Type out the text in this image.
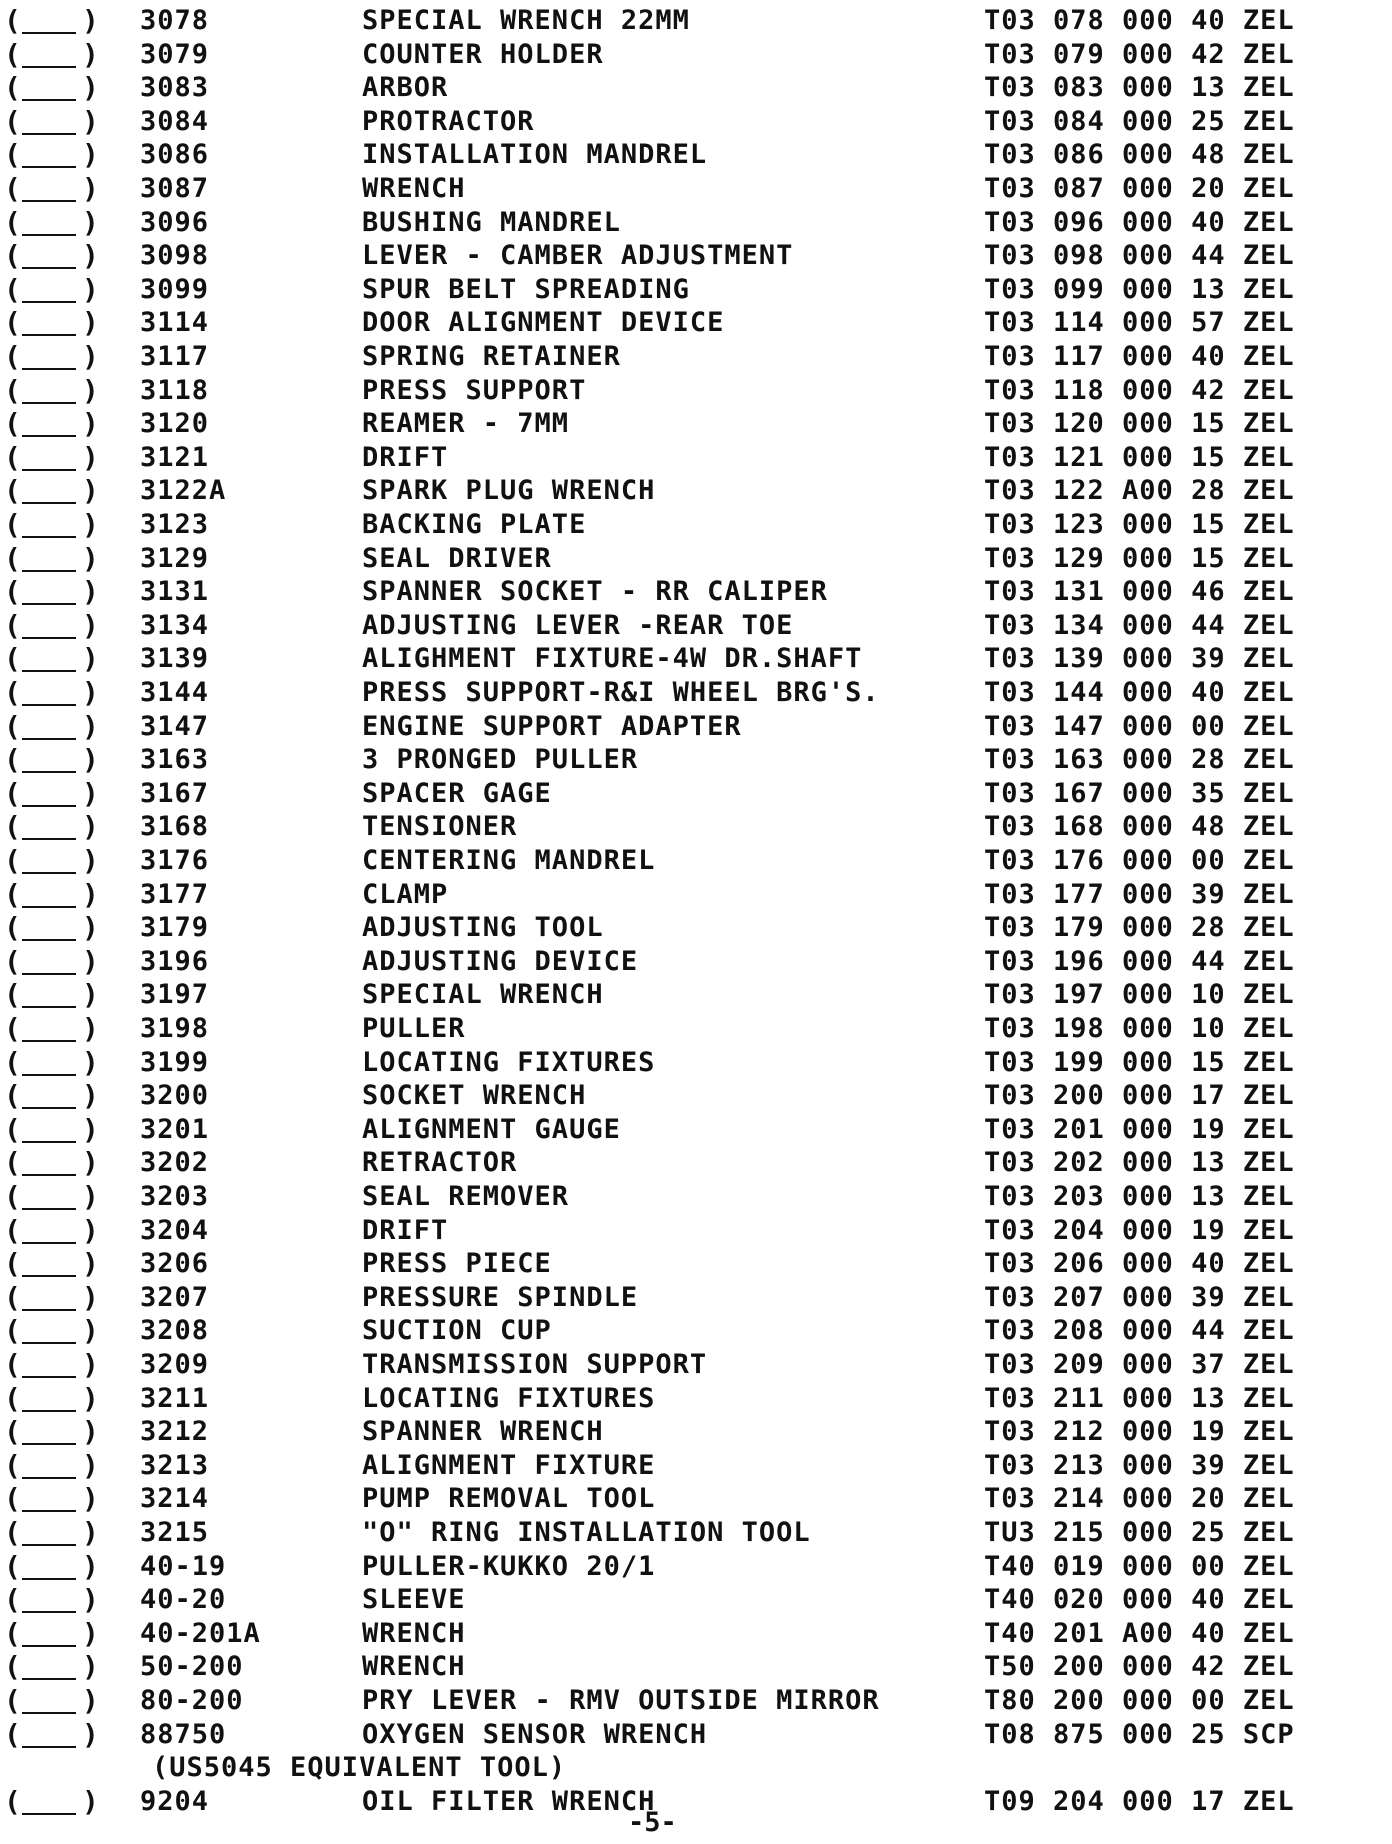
( ) 3078	SPECIAL WRENCH 22MM	T03 078 000 40 ZEL
( ) 3079	COUNTER HOLDER	T03 079 000 42 ZEL
( ) 3083	ARBOR	T03 083 000 13 ZEL
( ) 3084	PROTRACTOR	T03 084 000 25 ZEL
( ) 3086	INSTALLATION MANDREL	T03 086 000 48 ZEL
( ) 3087	WRENCH	T03 087 000 20 ZEL
( ) 3096	BUSHING MANDREL	T03 096 000 40 ZEL
( ) 3098	LEVER - CAMBER ADJUSTMENT	T03 098 000 44 ZEL
( ) 3099	SPUR BELT SPREADING	T03 099 000 13 ZEL
( ) 3114	DOOR ALIGNMENT DEVICE	T03 114 000 57 ZEL
( ) 3117	SPRING RETAINER	T03 117 000 40 ZEL
( ) 3118	PRESS SUPPORT	T03 118 000 42 ZEL
( ) 3120	REAMER - 7MM	T03 120 000 15 ZEL
( ) 3121	DRIFT	T03 121 000 15 ZEL
( ) 3122A	SPARK PLUG WRENCH	T03 122 A00 28 ZEL
( ) 3123	BACKING PLATE	T03 123 000 15 ZEL
( ) 3129	SEAL DRIVER	T03 129 000 15 ZEL
( ) 3131	SPANNER SOCKET - RR CALIPER	T03 131 000 46 ZEL
( ) 3134	ADJUSTING LEVER -REAR TOE	T03 134 000 44 ZEL
( ) 3139	ALIGHMENT FIXTURE-4W DR.SHAFT	T03 139 000 39 ZEL
( ) 3144	PRESS SUPPORT-R&I WHEEL BRG'S.	T03 144 000 40 ZEL
( ) 3147	ENGINE SUPPORT ADAPTER	T03 147 000 00 ZEL
( ) 3163	3 PRONGED PULLER	T03 163 000 28 ZEL
( ) 3167	SPACER GAGE	T03 167 000 35 ZEL
( ) 3168	TENSIONER	T03 168 000 48 ZEL
( ) 3176	CENTERING MANDREL	T03 176 000 00 ZEL
( ) 3177	CLAMP	T03 177 000 39 ZEL
( ) 3179	ADJUSTING TOOL	T03 179 000 28 ZEL
( ) 3196	ADJUSTING DEVICE	T03 196 000 44 ZEL
( ) 3197	SPECIAL WRENCH	T03 197 000 10 ZEL
( ) 3198	PULLER	T03 198 000 10 ZEL
( ) 3199	LOCATING FIXTURES	T03 199 000 15 ZEL
( ) 3200	SOCKET WRENCH	T03 200 000 17 ZEL
( ) 3201	ALIGNMENT GAUGE	T03 201 000 19 ZEL
( ) 3202	RETRACTOR	T03 202 000 13 ZEL
( ) 3203	SEAL REMOVER	T03 203 000 13 ZEL
( ) 3204	DRIFT	T03 204 000 19 ZEL
( ) 3206	PRESS PIECE	T03 206 000 40 ZEL
( ) 3207	PRESSURE SPINDLE	T03 207 000 39 ZEL
( ) 3208	SUCTION CUP	T03 208 000 44 ZEL
( ) 3209	TRANSMISSION SUPPORT	T03 209 000 37 ZEL
( ) 3211	LOCATING FIXTURES	T03 211 000 13 ZEL
( ) 3212	SPANNER WRENCH	T03 212 000 19 ZEL
( ) 3213	ALIGNMENT FIXTURE	T03 213 000 39 ZEL
( ) 3214	PUMP REMOVAL TOOL	T03 214 000 20 ZEL
( ) 3215	"O" RING INSTALLATION TOOL	TU3 215 000 25 ZEL
( ) 40-19	PULLER-KUKKO 20/1	T40 019 000 00 ZEL
( ) 40-20	SLEEVE	T40 020 000 40 ZEL
( ) 40-201A	WRENCH	T40 201 A00 40 ZEL
( ) 50-200	WRENCH	T50 200 000 42 ZEL
( ) 80-200	PRY LEVER - RMV OUTSIDE MIRROR	T80 200 000 00 ZEL
( ) 88750	OXYGEN SENSOR WRENCH	T08 875 000 25 SCP
(US5045 EQUIVALENT TOOL)
( ) 9204	OIL FILTER WRENCH	T09 204 000 17 ZEL
-5-
